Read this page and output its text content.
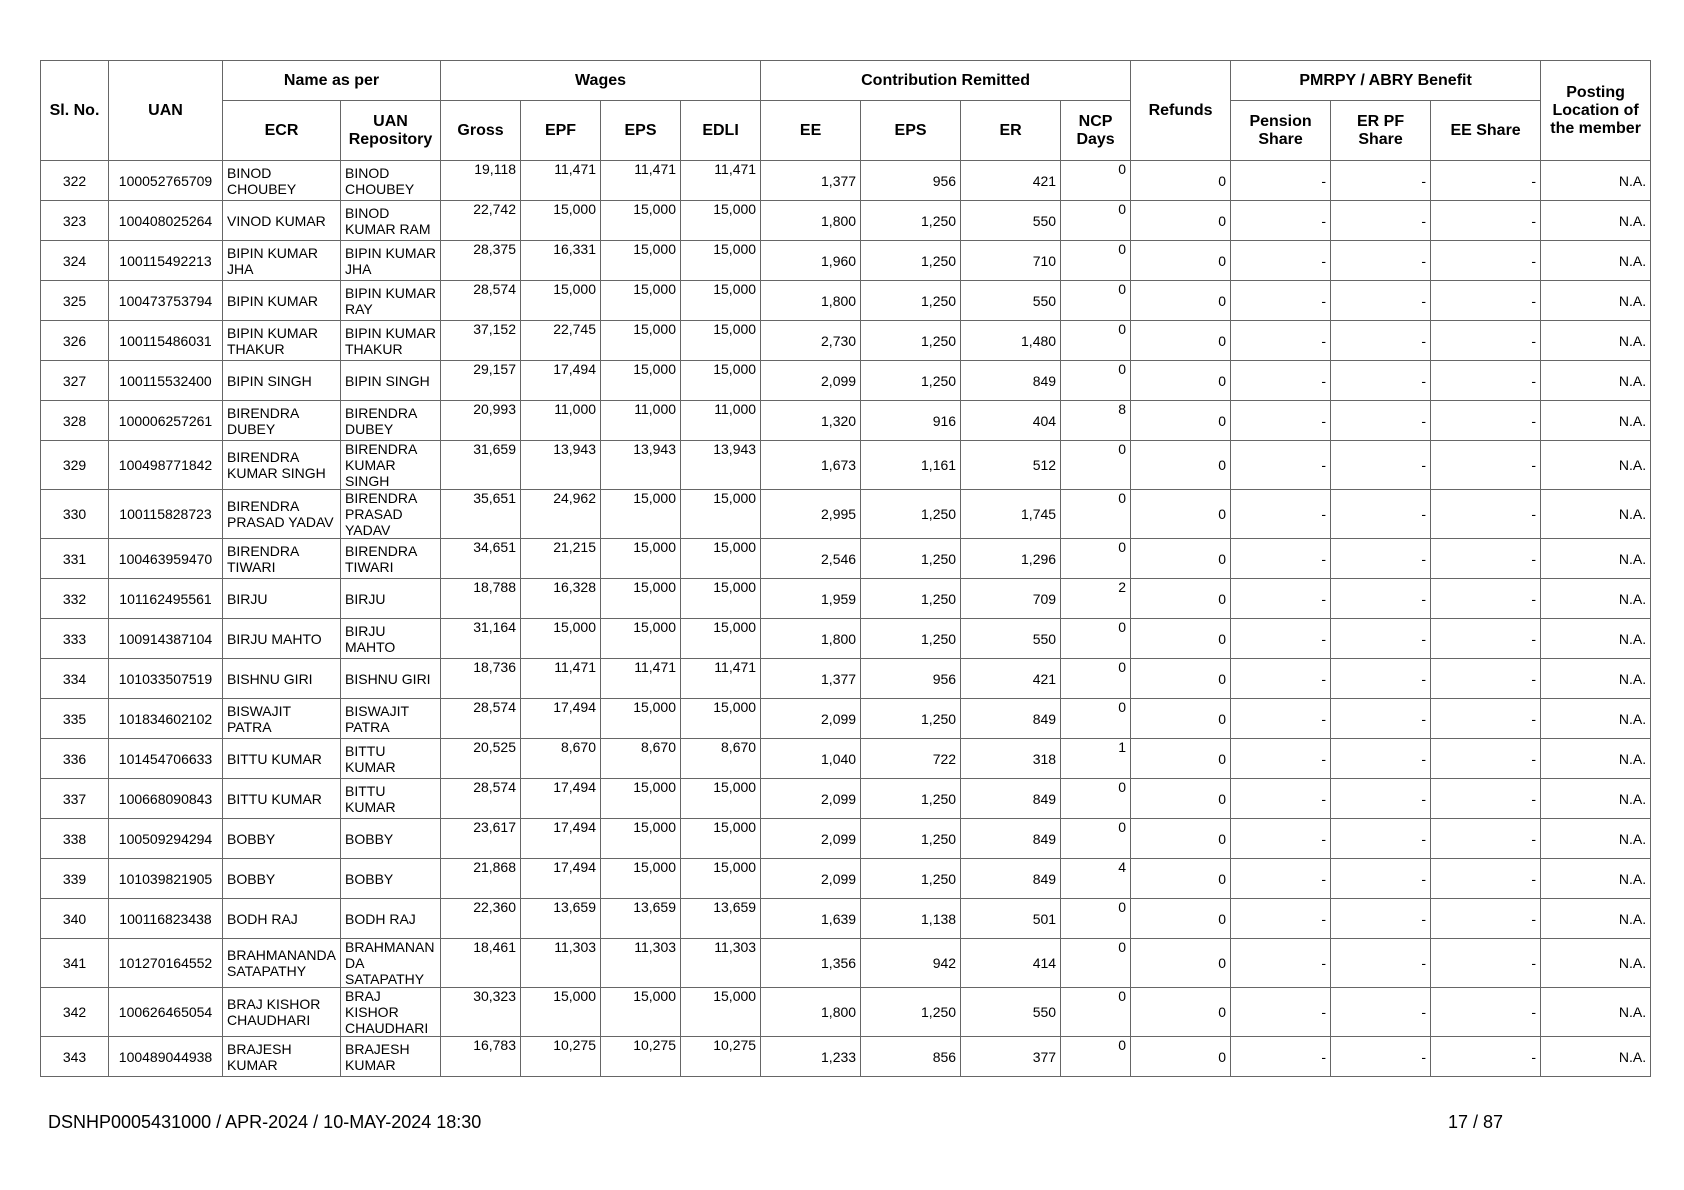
Sl. No.	UAN	Name as per		Wages				Contribution Remitted				Refunds	PMRPY / ABRY Benefit			Posting Location of the member
		ECR	UAN Repository	Gross	EPF	EPS	EDLI	EE	EPS	ER	NCP Days		Pension Share	ER PF Share	EE Share	
322	100052765709	BINOD CHOUBEY	BINOD CHOUBEY	19,118	11,471	11,471	11,471	1,377	956	421	0	0	-	-	-	N.A.
323	100408025264	VINOD KUMAR	BINOD KUMAR RAM	22,742	15,000	15,000	15,000	1,800	1,250	550	0	0	-	-	-	N.A.
324	100115492213	BIPIN KUMAR JHA	BIPIN KUMAR JHA	28,375	16,331	15,000	15,000	1,960	1,250	710	0	0	-	-	-	N.A.
325	100473753794	BIPIN KUMAR	BIPIN KUMAR RAY	28,574	15,000	15,000	15,000	1,800	1,250	550	0	0	-	-	-	N.A.
326	100115486031	BIPIN KUMAR THAKUR	BIPIN KUMAR THAKUR	37,152	22,745	15,000	15,000	2,730	1,250	1,480	0	0	-	-	-	N.A.
327	100115532400	BIPIN SINGH	BIPIN SINGH	29,157	17,494	15,000	15,000	2,099	1,250	849	0	0	-	-	-	N.A.
328	100006257261	BIRENDRA DUBEY	BIRENDRA DUBEY	20,993	11,000	11,000	11,000	1,320	916	404	8	0	-	-	-	N.A.
329	100498771842	BIRENDRA KUMAR SINGH	BIRENDRA KUMAR SINGH	31,659	13,943	13,943	13,943	1,673	1,161	512	0	0	-	-	-	N.A.
330	100115828723	BIRENDRA PRASAD YADAV	BIRENDRA PRASAD YADAV	35,651	24,962	15,000	15,000	2,995	1,250	1,745	0	0	-	-	-	N.A.
331	100463959470	BIRENDRA TIWARI	BIRENDRA TIWARI	34,651	21,215	15,000	15,000	2,546	1,250	1,296	0	0	-	-	-	N.A.
332	101162495561	BIRJU	BIRJU	18,788	16,328	15,000	15,000	1,959	1,250	709	2	0	-	-	-	N.A.
333	100914387104	BIRJU MAHTO	BIRJU MAHTO	31,164	15,000	15,000	15,000	1,800	1,250	550	0	0	-	-	-	N.A.
334	101033507519	BISHNU GIRI	BISHNU GIRI	18,736	11,471	11,471	11,471	1,377	956	421	0	0	-	-	-	N.A.
335	101834602102	BISWAJIT PATRA	BISWAJIT PATRA	28,574	17,494	15,000	15,000	2,099	1,250	849	0	0	-	-	-	N.A.
336	101454706633	BITTU KUMAR	BITTU KUMAR	20,525	8,670	8,670	8,670	1,040	722	318	1	0	-	-	-	N.A.
337	100668090843	BITTU KUMAR	BITTU KUMAR	28,574	17,494	15,000	15,000	2,099	1,250	849	0	0	-	-	-	N.A.
338	100509294294	BOBBY	BOBBY	23,617	17,494	15,000	15,000	2,099	1,250	849	0	0	-	-	-	N.A.
339	101039821905	BOBBY	BOBBY	21,868	17,494	15,000	15,000	2,099	1,250	849	4	0	-	-	-	N.A.
340	100116823438	BODH RAJ	BODH RAJ	22,360	13,659	13,659	13,659	1,639	1,138	501	0	0	-	-	-	N.A.
341	101270164552	BRAHMANANDA SATAPATHY	BRAHMANAN DA SATAPATHY	18,461	11,303	11,303	11,303	1,356	942	414	0	0	-	-	-	N.A.
342	100626465054	BRAJ KISHOR CHAUDHARI	BRAJ KISHOR CHAUDHARI	30,323	15,000	15,000	15,000	1,800	1,250	550	0	0	-	-	-	N.A.
343	100489044938	BRAJESH KUMAR	BRAJESH KUMAR	16,783	10,275	10,275	10,275	1,233	856	377	0	0	-	-	-	N.A.
DSNHP0005431000 / APR-2024 / 10-MAY-2024 18:30	17 / 87
